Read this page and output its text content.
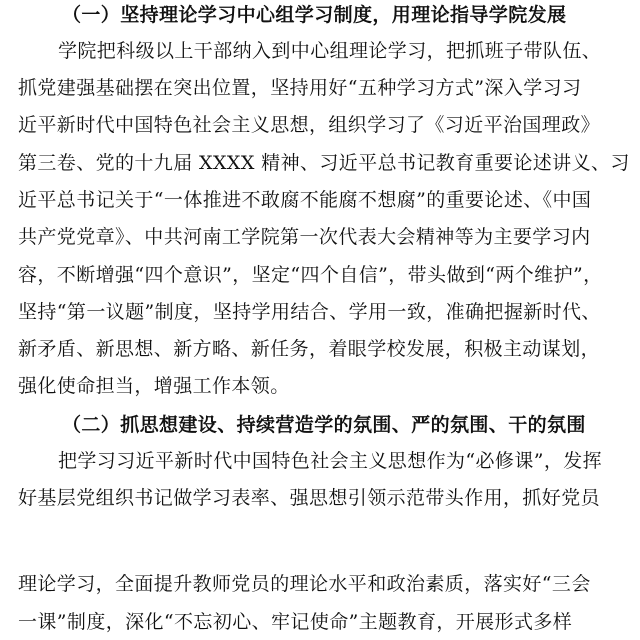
（一）坚持理论学习中心组学习制度，用理论指导学院发展
学院把科级以上干部纳入到中心组理论学习，把抓班子带队伍、
抓党建强基础摆在突出位置，坚持用好“五种学习方式”深入学习习
近平新时代中国特色社会主义思想，组织学习了《习近平治国理政》
第三卷、党的十九届 XXXX 精神、习近平总书记教育重要论述讲义、习
近平总书记关于“一体推进不敢腐不能腐不想腐”的重要论述、《中国
共产党党章》、中共河南工学院第一次代表大会精神等为主要学习内
容，不断增强“四个意识”，坚定“四个自信”，带头做到“两个维护”，
坚持“第一议题”制度，坚持学用结合、学用一致，准确把握新时代、
新矛盾、新思想、新方略、新任务，着眼学校发展，积极主动谋划，
强化使命担当，增强工作本领。
（二）抓思想建设、持续营造学的氛围、严的氛围、干的氛围
把学习习近平新时代中国特色社会主义思想作为“必修课”，发挥
好基层党组织书记做学习表率、强思想引领示范带头作用，抓好党员
理论学习，全面提升教师党员的理论水平和政治素质，落实好“三会
一课”制度，深化“不忘初心、牢记使命”主题教育，开展形式多样
